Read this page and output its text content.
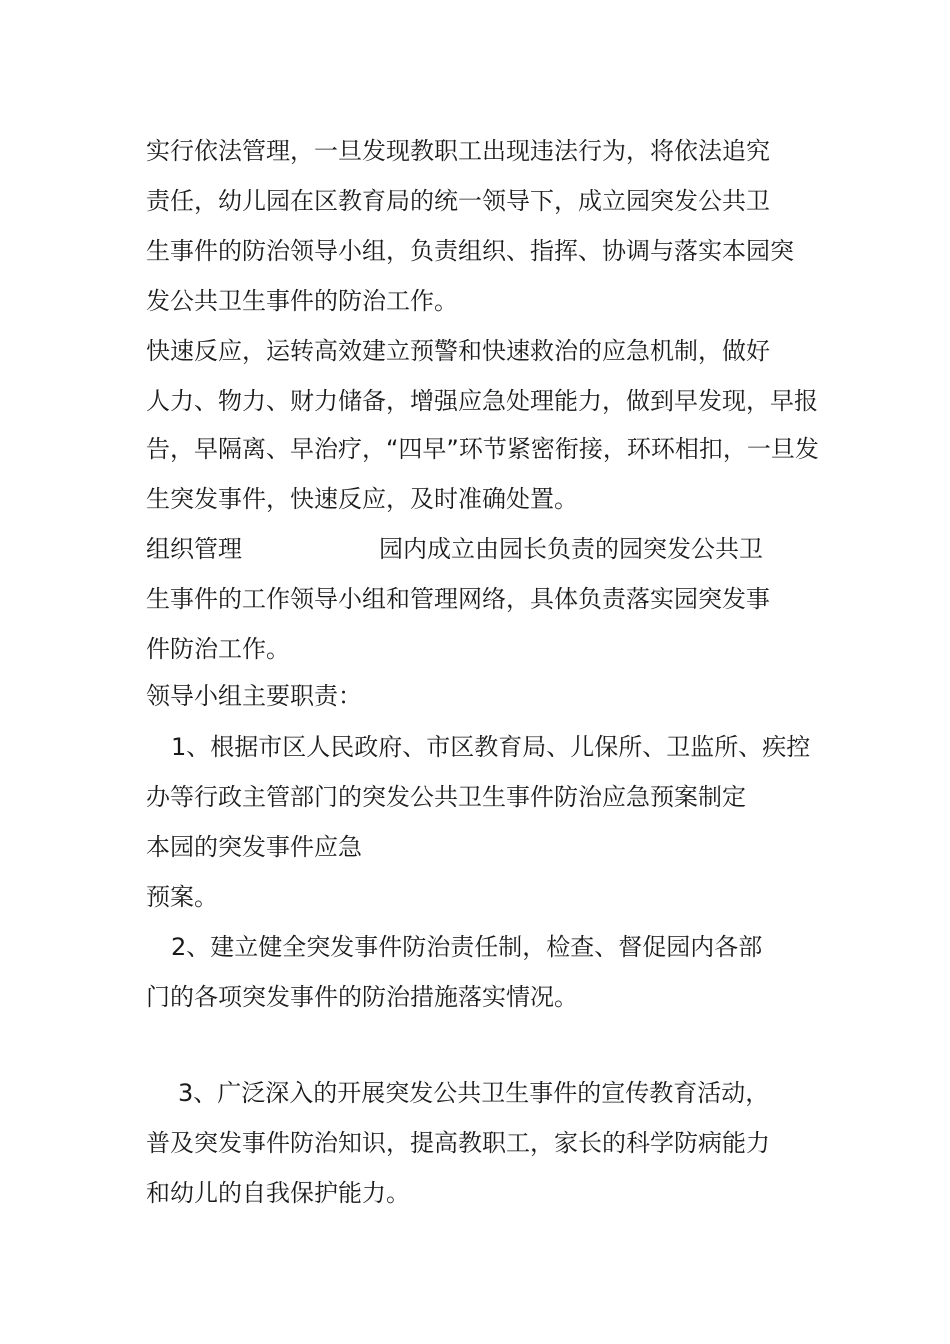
实行依法管理，一旦发现教职工出现违法行为，将依法追究
责任，幼儿园在区教育局的统一领导下，成立园突发公共卫
生事件的防治领导小组，负责组织、指挥、协调与落实本园突
发公共卫生事件的防治工作。
快速反应，运转高效建立预警和快速救治的应急机制，做好
人力、物力、财力储备，增强应急处理能力，做到早发现，早报
告，早隔离、早治疗，“四早”环节紧密衔接，环环相扣，一旦发
生突发事件，快速反应，及时准确处置。
组织管理	园内成立由园长负责的园突发公共卫
生事件的工作领导小组和管理网络，具体负责落实园突发事
件防治工作。
领导小组主要职责：
1、根据市区人民政府、市区教育局、儿保所、卫监所、疾控
办等行政主管部门的突发公共卫生事件防治应急预案制定
本园的突发事件应急
预案。
2、建立健全突发事件防治责任制，检查、督促园内各部
门的各项突发事件的防治措施落实情况。
3、广泛深入的开展突发公共卫生事件的宣传教育活动，
普及突发事件防治知识，提高教职工，家长的科学防病能力
和幼儿的自我保护能力。
